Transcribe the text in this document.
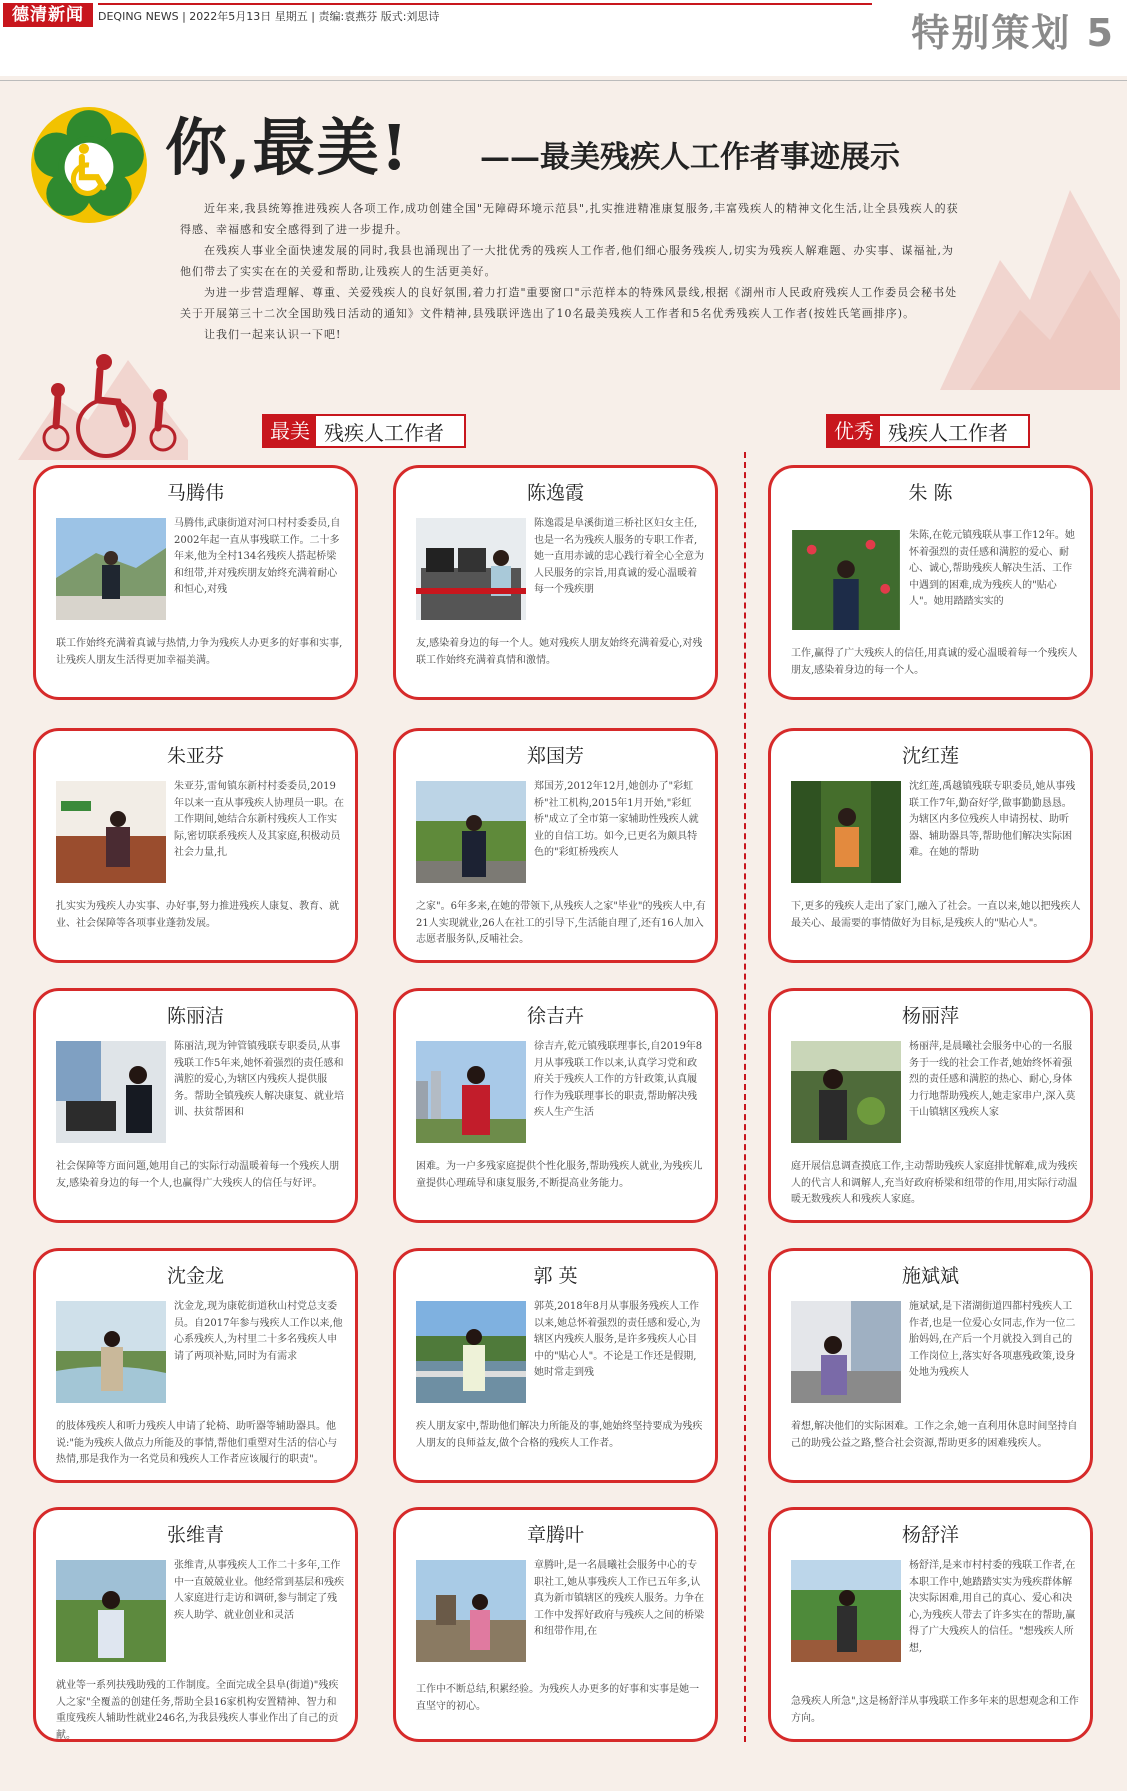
德清新闻	DEQING NEWS | 2022年5月13日 星期五 | 责编:袁燕芬 版式:刘思诗	特别策划 5
你,最美! ——最美残疾人工作者事迹展示

近年来,我县统筹推进残疾人各项工作,成功创建全国"无障碍环境示范县",扎实推进精准康复服务,丰富残疾人的精神文化生活,让全县残疾人的获得感、幸福感和安全感得到了进一步提升。

在残疾人事业全面快速发展的同时,我县也涌现出了一大批优秀的残疾人工作者,他们细心服务残疾人,切实为残疾人解难题、办实事、谋福祉,为他们带去了实实在在的关爱和帮助,让残疾人的生活更美好。

为进一步营造理解、尊重、关爱残疾人的良好氛围,着力打造"重要窗口"示范样本的特殊风景线,根据《湖州市人民政府残疾人工作委员会秘书处关于开展第三十二次全国助残日活动的通知》文件精神,县残联评选出了10名最美残疾人工作者和5名优秀残疾人工作者(按姓氏笔画排序)。

让我们一起来认识一下吧!

最美 残疾人工作者	优秀 残疾人工作者
马腾伟
马腾伟,武康街道对河口村村委委员,自2002年起一直从事残联工作。二十多年来,他为全村134名残疾人搭起桥梁和纽带,并对残疾朋友始终充满着耐心和恒心,对残
联工作始终充满着真诚与热情,力争为残疾人办更多的好事和实事,让残疾人朋友生活得更加幸福美满。
陈逸霞
陈逸霞是阜溪街道三桥社区妇女主任,也是一名为残疾人服务的专职工作者,她一直用赤诚的忠心践行着全心全意为人民服务的宗旨,用真诚的爱心温暖着每一个残疾朋
友,感染着身边的每一个人。她对残疾人朋友始终充满着爱心,对残联工作始终充满着真情和激情。
朱 陈
朱陈,在乾元镇残联从事工作12年。她怀着强烈的责任感和满腔的爱心、耐心、诚心,帮助残疾人解决生活、工作中遇到的困难,成为残疾人的"贴心人"。她用踏踏实实的
工作,赢得了广大残疾人的信任,用真诚的爱心温暖着每一个残疾人朋友,感染着身边的每一个人。
朱亚芬
朱亚芬,雷甸镇东新村村委委员,2019年以来一直从事残疾人协理员一职。在工作期间,她结合东新村残疾人工作实际,密切联系残疾人及其家庭,积极动员社会力量,扎
扎实实为残疾人办实事、办好事,努力推进残疾人康复、教育、就业、社会保障等各项事业蓬勃发展。
郑国芳
郑国芳,2012年12月,她创办了"彩虹桥"社工机构,2015年1月开始,"彩虹桥"成立了全市第一家辅助性残疾人就业的自信工坊。如今,已更名为颇具特色的"彩虹桥残疾人
之家"。6年多来,在她的带领下,从残疾人之家"毕业"的残疾人中,有21人实现就业,26人在社工的引导下,生活能自理了,还有16人加入志愿者服务队,反哺社会。
沈红莲
沈红莲,禹越镇残联专职委员,她从事残联工作7年,勤奋好学,做事勤勤恳恳。为辖区内多位残疾人申请拐杖、助听器、辅助器具等,帮助他们解决实际困难。在她的帮助
下,更多的残疾人走出了家门,融入了社会。一直以来,她以把残疾人最关心、最需要的事情做好为目标,是残疾人的"贴心人"。
陈丽洁
陈丽洁,现为钟管镇残联专职委员,从事残联工作5年来,她怀着强烈的责任感和满腔的爱心,为辖区内残疾人提供服务。帮助全镇残疾人解决康复、就业培训、扶贫帮困和
社会保障等方面问题,她用自己的实际行动温暖着每一个残疾人朋友,感染着身边的每一个人,也赢得广大残疾人的信任与好评。
徐吉卉
徐吉卉,乾元镇残联理事长,自2019年8月从事残联工作以来,认真学习党和政府关于残疾人工作的方针政策,认真履行作为残联理事长的职责,帮助解决残疾人生产生活
困难。为一户多残家庭提供个性化服务,帮助残疾人就业,为残疾儿童提供心理疏导和康复服务,不断提高业务能力。
杨丽萍
杨丽萍,是晨曦社会服务中心的一名服务于一线的社会工作者,她始终怀着强烈的责任感和满腔的热心、耐心,身体力行地帮助残疾人,她走家串户,深入莫干山镇辖区残疾人家
庭开展信息调查摸底工作,主动帮助残疾人家庭排忧解难,成为残疾人的代言人和调解人,充当好政府桥梁和纽带的作用,用实际行动温暖无数残疾人和残疾人家庭。
沈金龙
沈金龙,现为康乾街道秋山村党总支委员。自2017年参与残疾人工作以来,他心系残疾人,为村里二十多名残疾人申请了两项补贴,同时为有需求
的肢体残疾人和听力残疾人申请了轮椅、助听器等辅助器具。他说:"能为残疾人做点力所能及的事情,帮他们重塑对生活的信心与热情,那是我作为一名党员和残疾人工作者应该履行的职责"。
郭 英
郭英,2018年8月从事服务残疾人工作以来,她总怀着强烈的责任感和爱心,为辖区内残疾人服务,是许多残疾人心目中的"贴心人"。不论是工作还是假期,她时常走到残
疾人朋友家中,帮助他们解决力所能及的事,她始终坚持要成为残疾人朋友的良师益友,做个合格的残疾人工作者。
施斌斌
施斌斌,是下渚湖街道四都村残疾人工作者,也是一位爱心女同志,作为一位二胎妈妈,在产后一个月就投入到自己的工作岗位上,落实好各项惠残政策,设身处地为残疾人
着想,解决他们的实际困难。工作之余,她一直利用休息时间坚持自己的助残公益之路,整合社会资源,帮助更多的困难残疾人。
张维青
张维青,从事残疾人工作二十多年,工作中一直兢兢业业。他经常到基层和残疾人家庭进行走访和调研,参与制定了残疾人助学、就业创业和灵活
就业等一系列扶残助残的工作制度。全面完成全县阜(街道)"残疾人之家"全覆盖的创建任务,帮助全县16家机构安置精神、智力和重度残疾人辅助性就业246名,为我县残疾人事业作出了自己的贡献。
章腾叶
章腾叶,是一名晨曦社会服务中心的专职社工,她从事残疾人工作已五年多,认真为新市镇辖区的残疾人服务。力争在工作中发挥好政府与残疾人之间的桥梁和纽带作用,在
工作中不断总结,积累经验。为残疾人办更多的好事和实事是她一直坚守的初心。
杨舒洋
杨舒洋,是来市村村委的残联工作者,在本职工作中,她踏踏实实为残疾群体解决实际困难,用自己的真心、爱心和决心,为残疾人带去了许多实在的帮助,赢得了广大残疾人的信任。"想残疾人所想,
急残疾人所急",这是杨舒洋从事残联工作多年来的思想观念和工作方向。
